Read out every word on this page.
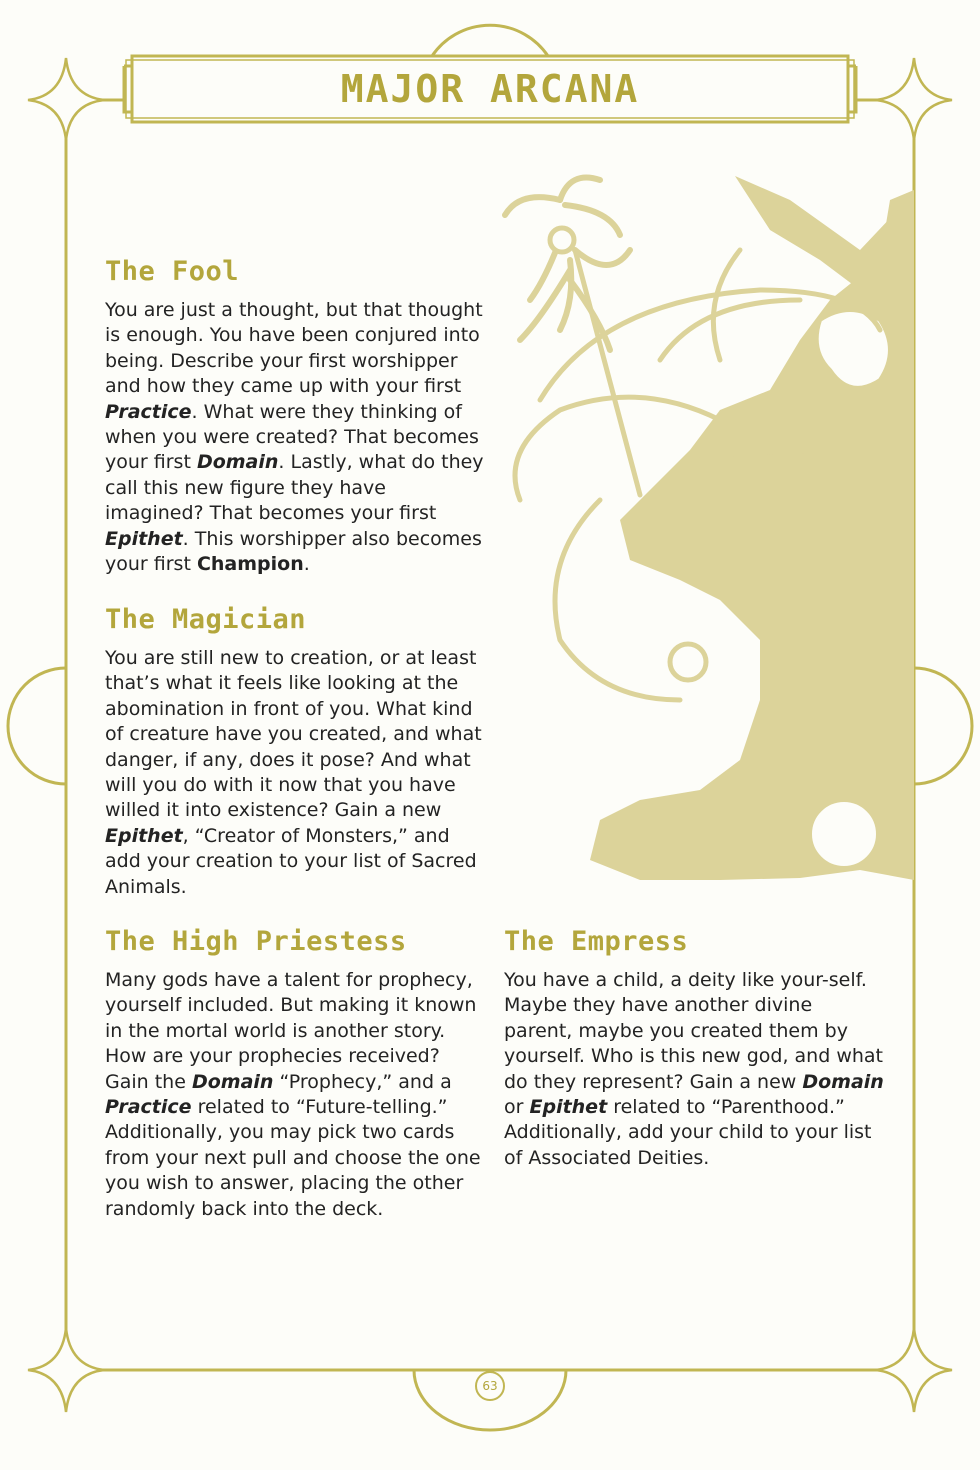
MAJOR ARCANA
The Fool

You are just a thought, but that thought is enough. You have been conjured into being. Describe your first worshipper and how they came up with your first Practice. What were they thinking of when you were created? That becomes your first Domain. Lastly, what do they call this new figure they have imagined? That becomes your first Epithet. This worshipper also becomes your first Champion.

The Magician

You are still new to creation, or at least that’s what it feels like looking at the abomination in front of you. What kind of creature have you created, and what danger, if any, does it pose? And what will you do with it now that you have willed it into existence? Gain a new Epithet, “Creator of Monsters,” and add your creation to your list of Sacred Animals.

The High Priestess

Many gods have a talent for prophecy, yourself included. But making it known in the mortal world is another story. How are your prophecies received? Gain the Domain “Prophecy,” and a Practice related to “Future-telling.” Additionally, you may pick two cards from your next pull and choose the one you wish to answer, placing the other randomly back into the deck.

The Empress

You have a child, a deity like your-self. Maybe they have another divine parent, maybe you created them by yourself. Who is this new god, and what do they represent? Gain a new Domain or Epithet related to “Parenthood.” Additionally, add your child to your list of Associated Deities.

63
